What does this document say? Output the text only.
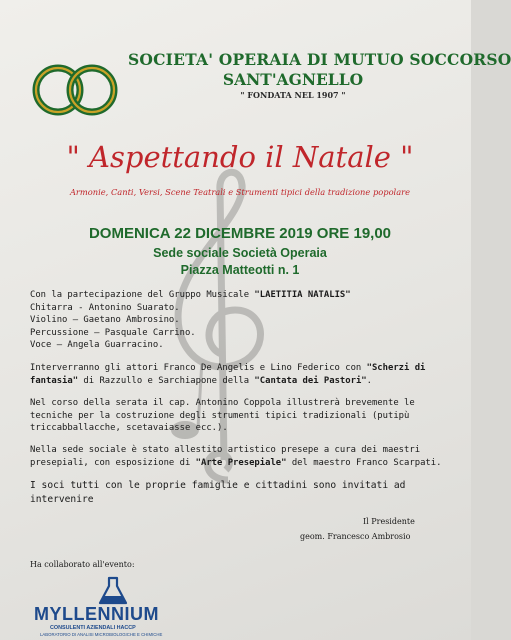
SOCIETA' OPERAIA DI MUTUO SOCCORSO
SANT'AGNELLO
" FONDATA NEL 1907 "
" Aspettando il Natale "
Armonie, Canti, Versi, Scene Teatrali e Strumenti tipici della tradizione popolare
DOMENICA 22 DICEMBRE 2019 ORE 19,00
Sede sociale Società Operaia
Piazza Matteotti n. 1
Con la partecipazione del Gruppo Musicale "LAETITIA NATALIS"
Chitarra - Antonino Suarato.
Violino – Gaetano Ambrosino.
Percussione – Pasquale Carrino.
Voce – Angela Guarracino.
Interverranno gli attori Franco De Angelis e Lino Federico con "Scherzi di
fantasia" di Razzullo e Sarchiapone della "Cantata dei Pastori".
Nel corso della serata il cap. Antonino Coppola illustrerà brevemente le
tecniche per la costruzione degli strumenti tipici tradizionali (putipù
triccabballacche, scetavaiasse ecc.).
Nella sede sociale è stato allestito artistico presepe a cura dei maestri
presepiali, con esposizione di "Arte Presepiale" del maestro Franco Scarpati.
I soci tutti con le proprie famiglie e cittadini sono invitati ad
intervenire
Il Presidente
geom. Francesco Ambrosio
Ha collaborato all'evento:
MYLLENNIUM
CONSULENTI AZIENDALI HACCP
LABORATORIO DI ANALISI MICROBIOLOGICHE E CHIMICHE
